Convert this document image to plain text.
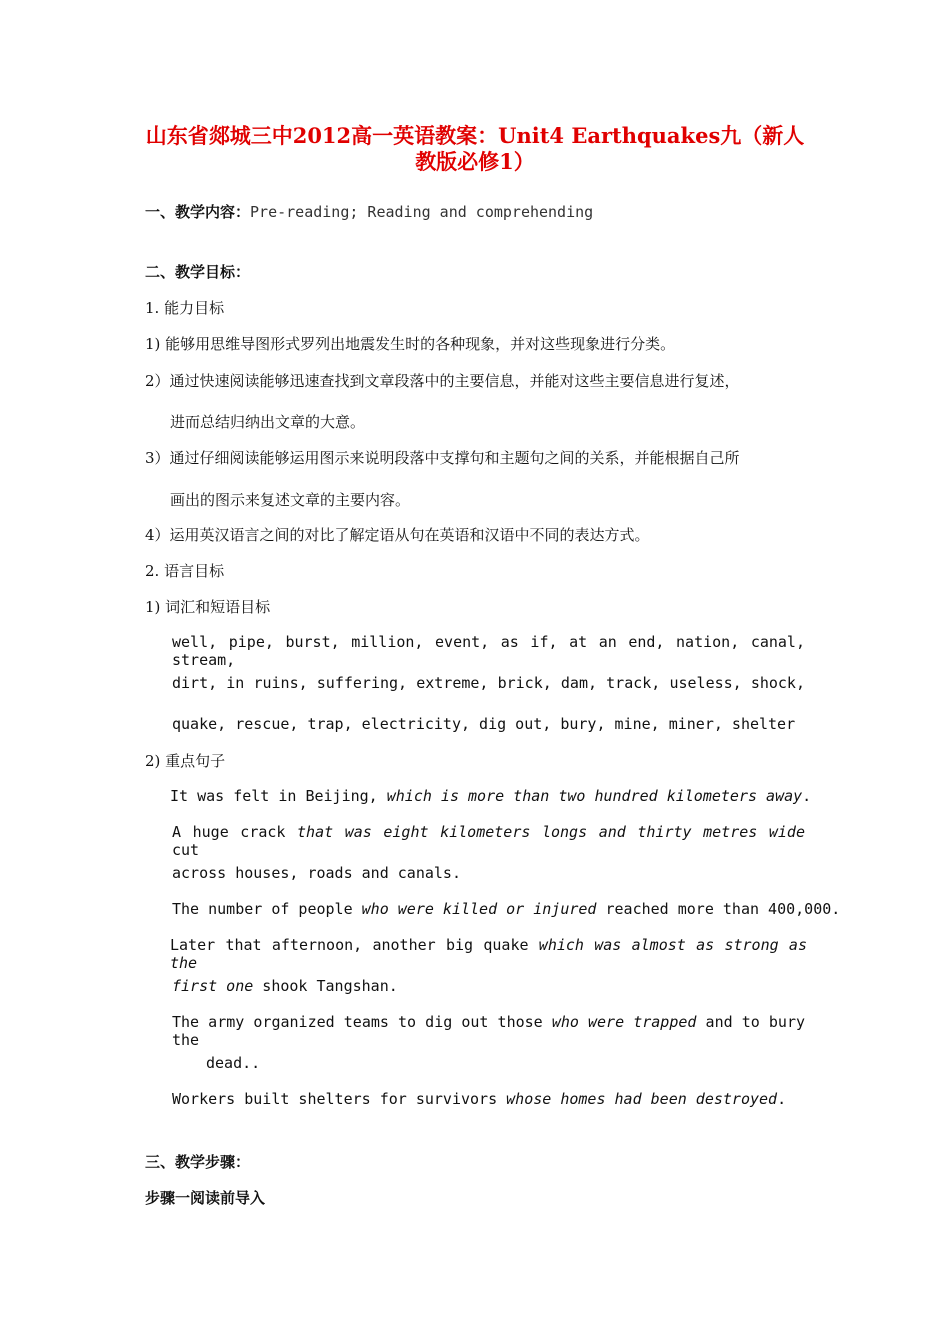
山东省郯城三中2012高一英语教案：Unit4 Earthquakes九（新人
教版必修1）
一、教学内容：Pre-reading; Reading and comprehending
二、教学目标：
1. 能力目标
1) 能够用思维导图形式罗列出地震发生时的各种现象，并对这些现象进行分类。
2）通过快速阅读能够迅速查找到文章段落中的主要信息，并能对这些主要信息进行复述，
进而总结归纳出文章的大意。
3）通过仔细阅读能够运用图示来说明段落中支撑句和主题句之间的关系，并能根据自己所
画出的图示来复述文章的主要内容。
4）运用英汉语言之间的对比了解定语从句在英语和汉语中不同的表达方式。
2. 语言目标
1) 词汇和短语目标
well, pipe, burst, million, event, as if, at an end, nation, canal, stream,
dirt, in ruins, suffering, extreme, brick, dam, track, useless, shock,
quake, rescue, trap, electricity, dig out, bury, mine, miner, shelter
2) 重点句子
It was felt in Beijing, which is more than two hundred kilometers away.
A huge crack that was eight kilometers longs and thirty metres wide cut
across houses, roads and canals.
The number of people who were killed or injured reached more than 400,000.
Later that afternoon, another big quake which was almost as strong as the
first one shook Tangshan.
The army organized teams to dig out those who were trapped and to bury the
dead..
Workers built shelters for survivors whose homes had been destroyed.
三、教学步骤：
步骤一阅读前导入
